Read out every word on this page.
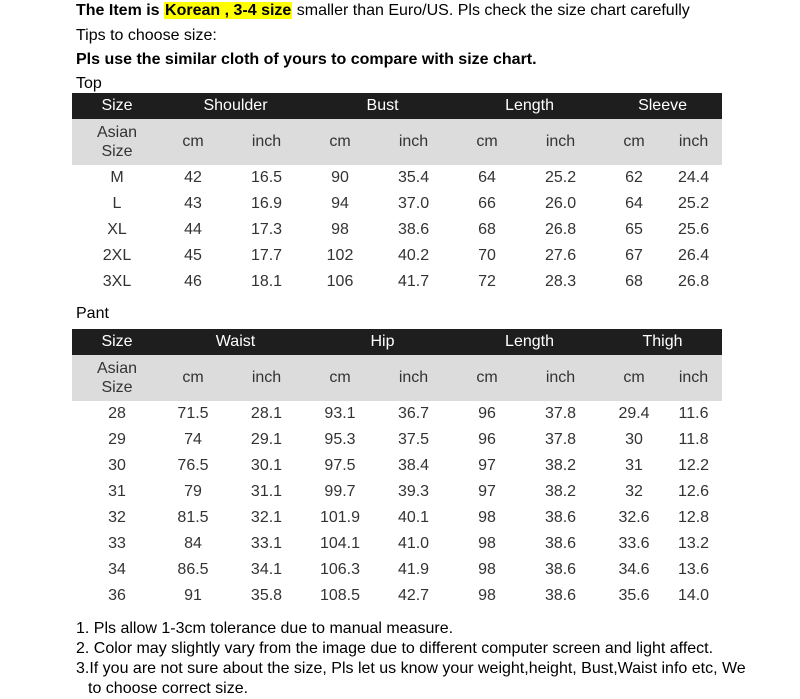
The Item is Korean , 3-4 size smaller than Euro/US. Pls check the size chart carefully
Tips to choose size:
Pls use the similar cloth of yours to compare with size chart.
Top
Size	Shoulder		Bust		Length		Sleeve	
Asian
Size	cm	inch	cm	inch	cm	inch	cm	inch
M	42	16.5	90	35.4	64	25.2	62	24.4
L	43	16.9	94	37.0	66	26.0	64	25.2
XL	44	17.3	98	38.6	68	26.8	65	25.6
2XL	45	17.7	102	40.2	70	27.6	67	26.4
3XL	46	18.1	106	41.7	72	28.3	68	26.8
Pant
Size	Waist		Hip		Length		Thigh	
Asian
Size	cm	inch	cm	inch	cm	inch	cm	inch
28	71.5	28.1	93.1	36.7	96	37.8	29.4	11.6
29	74	29.1	95.3	37.5	96	37.8	30	11.8
30	76.5	30.1	97.5	38.4	97	38.2	31	12.2
31	79	31.1	99.7	39.3	97	38.2	32	12.6
32	81.5	32.1	101.9	40.1	98	38.6	32.6	12.8
33	84	33.1	104.1	41.0	98	38.6	33.6	13.2
34	86.5	34.1	106.3	41.9	98	38.6	34.6	13.6
36	91	35.8	108.5	42.7	98	38.6	35.6	14.0
1. Pls allow 1-3cm tolerance due to manual measure.
2. Color may slightly vary from the image due to different computer screen and light affect.
3.If you are not sure about the size, Pls let us know your weight,height, Bust,Waist info etc, We
to choose correct size.
